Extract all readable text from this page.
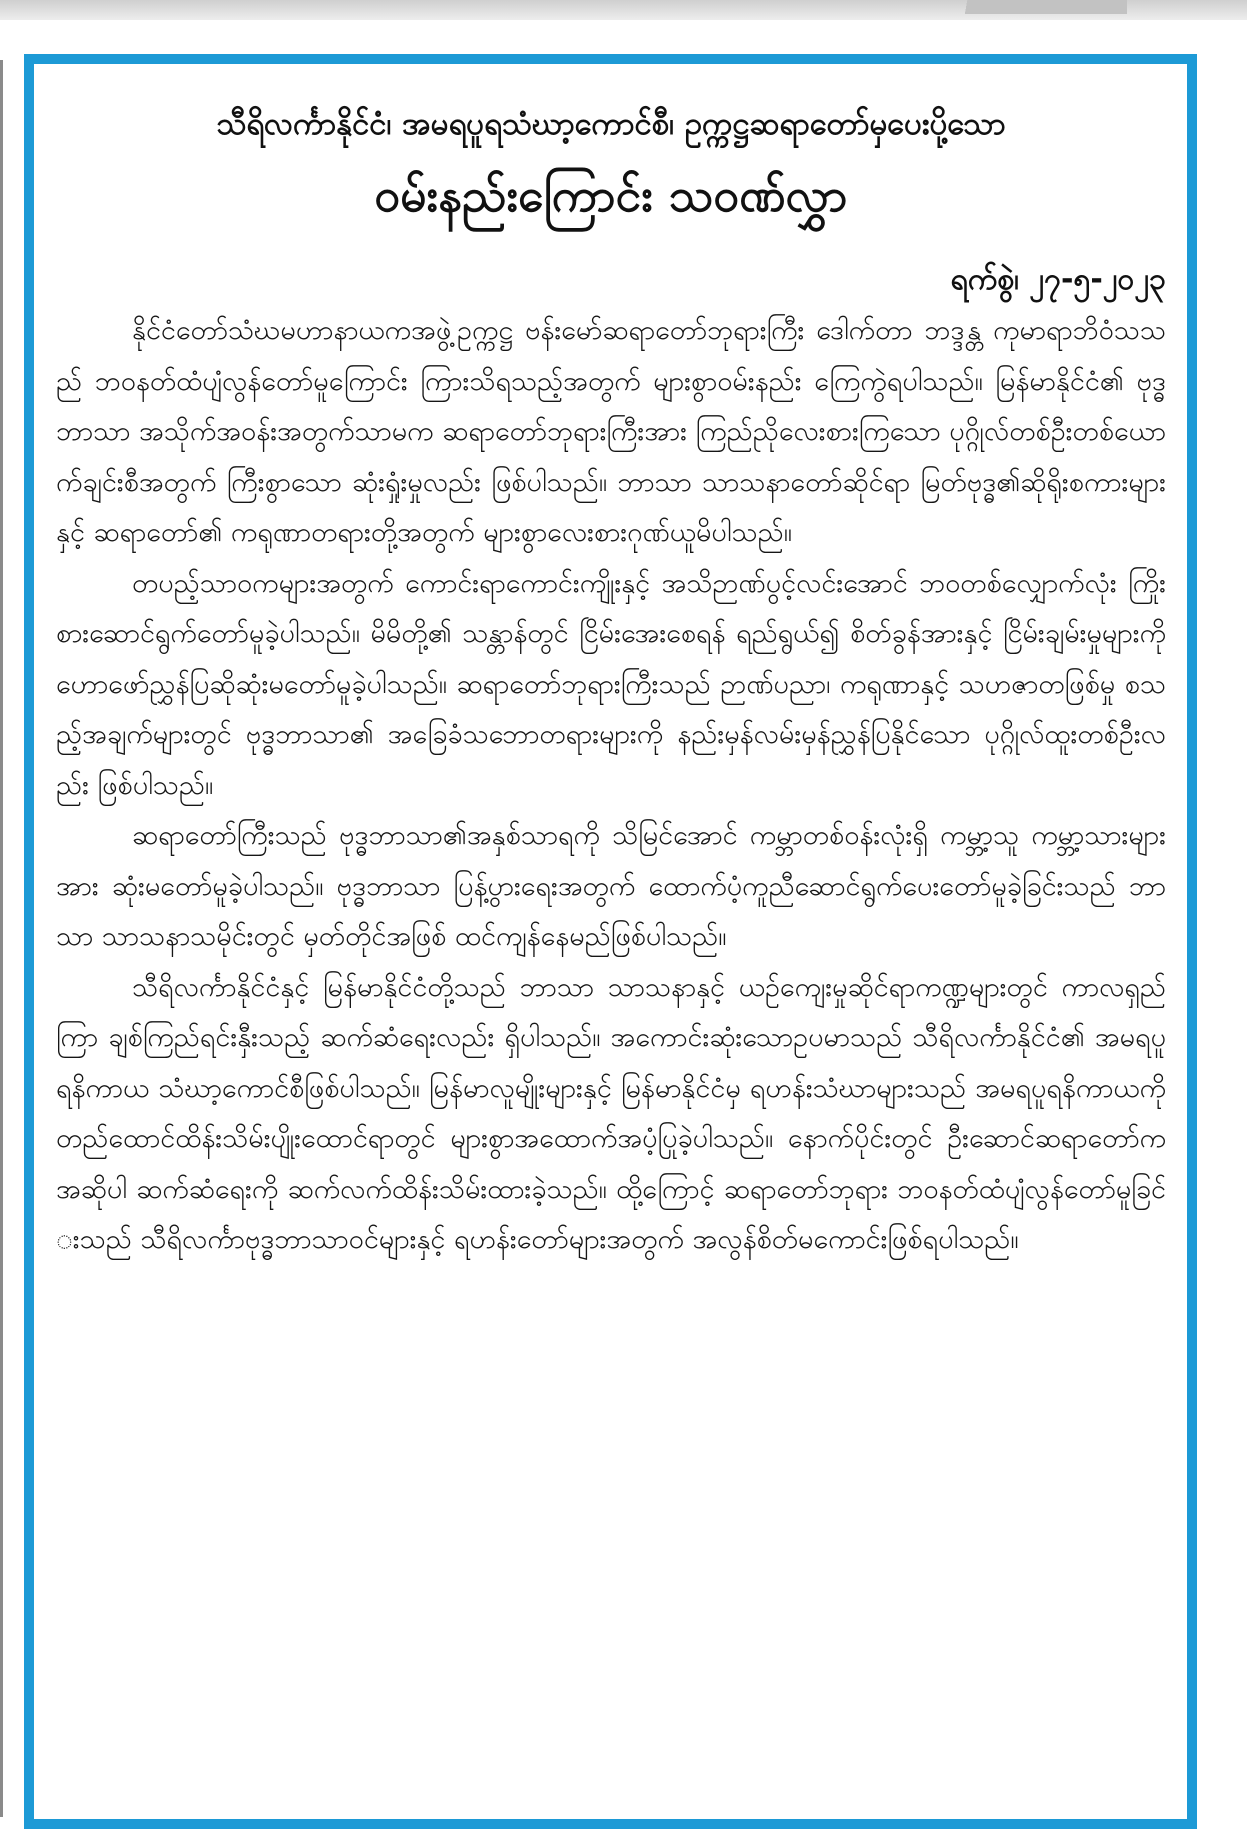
သီရိလင်္ကာနိုင်ငံ၊ အမရပူရသံဃာ့ကောင်စီ၊ ဥက္ကဋ္ဌဆရာတော်မှပေးပို့သော
ဝမ်းနည်းကြောင်း သဝဏ်လွှာ
ရက်စွဲ၊ ၂၇-၅-၂၀၂၃

နိုင်ငံတော်သံဃမဟာနာယကအဖွဲ့ဥက္ကဋ္ဌ ဗန်းမော်ဆရာတော်ဘုရားကြီး ဒေါက်တာ ဘဒ္ဒန္တ ကုမာရာဘိဝံသသည် ဘဝနတ်ထံပျံလွန်တော်မူကြောင်း ကြားသိရသည့်အတွက် များစွာဝမ်းနည်း ကြေကွဲရပါသည်။ မြန်မာနိုင်ငံ၏ ဗုဒ္ဓဘာသာ အသိုက်အဝန်းအတွက်သာမက ဆရာတော်ဘုရားကြီးအား ကြည်ညိုလေးစားကြသော ပုဂ္ဂိုလ်တစ်ဦးတစ်ယောက်ချင်းစီအတွက် ကြီးစွာသော ဆုံးရှုံးမှုလည်း ဖြစ်ပါသည်။ ဘာသာ သာသနာတော်ဆိုင်ရာ မြတ်ဗုဒ္ဓ၏ဆိုရိုးစကားများနှင့် ဆရာတော်၏ ကရုဏာတရားတို့အတွက် များစွာလေးစားဂုဏ်ယူမိပါသည်။

တပည့်သာဝကများအတွက် ကောင်းရာကောင်းကျိုးနှင့် အသိဉာဏ်ပွင့်လင်းအောင် ဘဝတစ်လျှောက်လုံး ကြိုးစားဆောင်ရွက်တော်မူခဲ့ပါသည်။ မိမိတို့၏ သန္တာန်တွင် ငြိမ်းအေးစေရန် ရည်ရွယ်၍ စိတ်ခွန်အားနှင့် ငြိမ်းချမ်းမှုများကို ဟောဖော်ညွှန်ပြဆိုဆုံးမတော်မူခဲ့ပါသည်။ ဆရာတော်ဘုရားကြီးသည် ဉာဏ်ပညာ၊ ကရုဏာနှင့် သဟဇာတဖြစ်မှု စသည့်အချက်များတွင် ဗုဒ္ဓဘာသာ၏ အခြေခံသဘောတရားများကို နည်းမှန်လမ်းမှန်ညွှန်ပြနိုင်သော ပုဂ္ဂိုလ်ထူးတစ်ဦးလည်း ဖြစ်ပါသည်။

ဆရာတော်ကြီးသည် ဗုဒ္ဓဘာသာ၏အနှစ်သာရကို သိမြင်အောင် ကမ္ဘာတစ်ဝန်းလုံးရှိ ကမ္ဘာ့သူ ကမ္ဘာ့သားများအား ဆုံးမတော်မူခဲ့ပါသည်။ ဗုဒ္ဓဘာသာ ပြန့်ပွားရေးအတွက် ထောက်ပံ့ကူညီဆောင်ရွက်ပေးတော်မူခဲ့ခြင်းသည် ဘာသာ သာသနာသမိုင်းတွင် မှတ်တိုင်အဖြစ် ထင်ကျန်နေမည်ဖြစ်ပါသည်။

သီရိလင်္ကာနိုင်ငံနှင့် မြန်မာနိုင်ငံတို့သည် ဘာသာ သာသနာနှင့် ယဉ်ကျေးမှုဆိုင်ရာကဏ္ဍများတွင် ကာလရှည်ကြာ ချစ်ကြည်ရင်းနှီးသည့် ဆက်ဆံရေးလည်း ရှိပါသည်။ အကောင်းဆုံးသောဥပမာသည် သီရိလင်္ကာနိုင်ငံ၏ အမရပူရနိကာယ သံဃာ့ကောင်စီဖြစ်ပါသည်။ မြန်မာလူမျိုးများနှင့် မြန်မာနိုင်ငံမှ ရဟန်းသံဃာများသည် အမရပူရနိကာယကို တည်ထောင်ထိန်းသိမ်းပျိုးထောင်ရာတွင် များစွာအထောက်အပံ့ပြုခဲ့ပါသည်။ နောက်ပိုင်းတွင် ဦးဆောင်ဆရာတော်က အဆိုပါ ဆက်ဆံရေးကို ဆက်လက်ထိန်းသိမ်းထားခဲ့သည်။ ထို့ကြောင့် ဆရာတော်ဘုရား ဘဝနတ်ထံပျံလွန်တော်မူခြင်းသည် သီရိလင်္ကာဗုဒ္ဓဘာသာဝင်များနှင့် ရဟန်းတော်များအတွက် အလွန်စိတ်မကောင်းဖြစ်ရပါသည်။
